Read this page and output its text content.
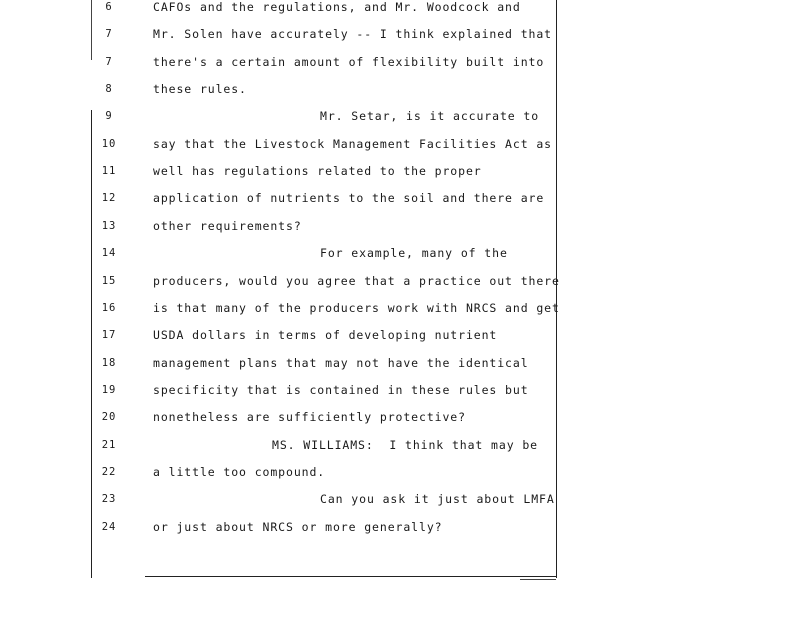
6	CAFOs and the regulations, and Mr. Woodcock and
7	Mr. Solen have accurately -- I think explained that
7	there's a certain amount of flexibility built into
8	these rules.
9	Mr. Setar, is it accurate to
10	say that the Livestock Management Facilities Act as
11	well has regulations related to the proper
12	application of nutrients to the soil and there are
13	other requirements?
14	For example, many of the
15	producers, would you agree that a practice out there
16	is that many of the producers work with NRCS and get
17	USDA dollars in terms of developing nutrient
18	management plans that may not have the identical
19	specificity that is contained in these rules but
20	nonetheless are sufficiently protective?
21	MS. WILLIAMS:  I think that may be
22	a little too compound.
23	Can you ask it just about LMFA
24	or just about NRCS or more generally?
